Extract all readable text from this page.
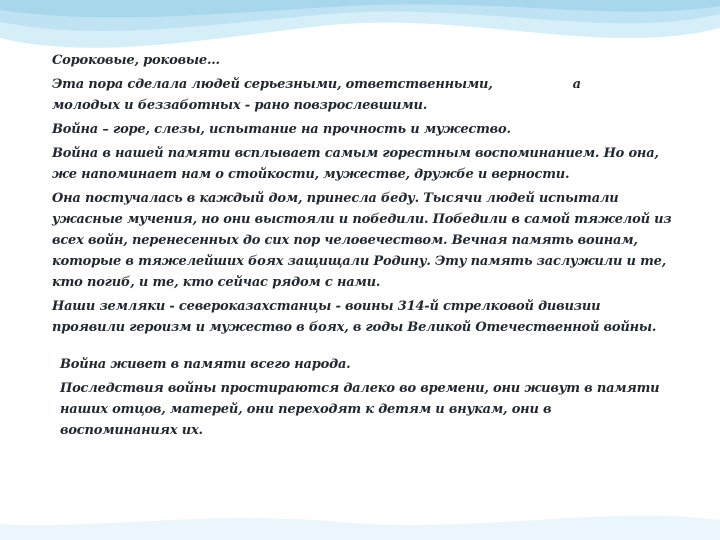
Сороковые, роковые…

Эта пора сделала людей серьезными, ответственными,	а
молодых и беззаботных - рано повзрослевшими.

Война – горе, слезы, испытание на прочность и мужество.

Война в нашей памяти всплывает самым горестным воспоминанием. Но она, же напоминает нам о стойкости, мужестве, дружбе и верности.

Она постучалась в каждый дом, принесла беду. Тысячи людей испытали ужасные мучения, но они выстояли и победили. Победили в самой тяжелой из всех войн, перенесенных до сих пор человечеством. Вечная память воинам, которые в тяжелейших боях защищали Родину. Эту память заслужили и те, кто погиб, и те, кто сейчас рядом с нами.

Наши земляки - североказахстанцы - воины 314-й стрелковой дивизии проявили героизм и мужество в боях, в годы Великой Отечественной войны.

Война живет в памяти всего народа.

Последствия войны простираются далеко во времени, они живут в памяти наших отцов, матерей, они переходят к детям и внукам, они в воспоминаниях их.
